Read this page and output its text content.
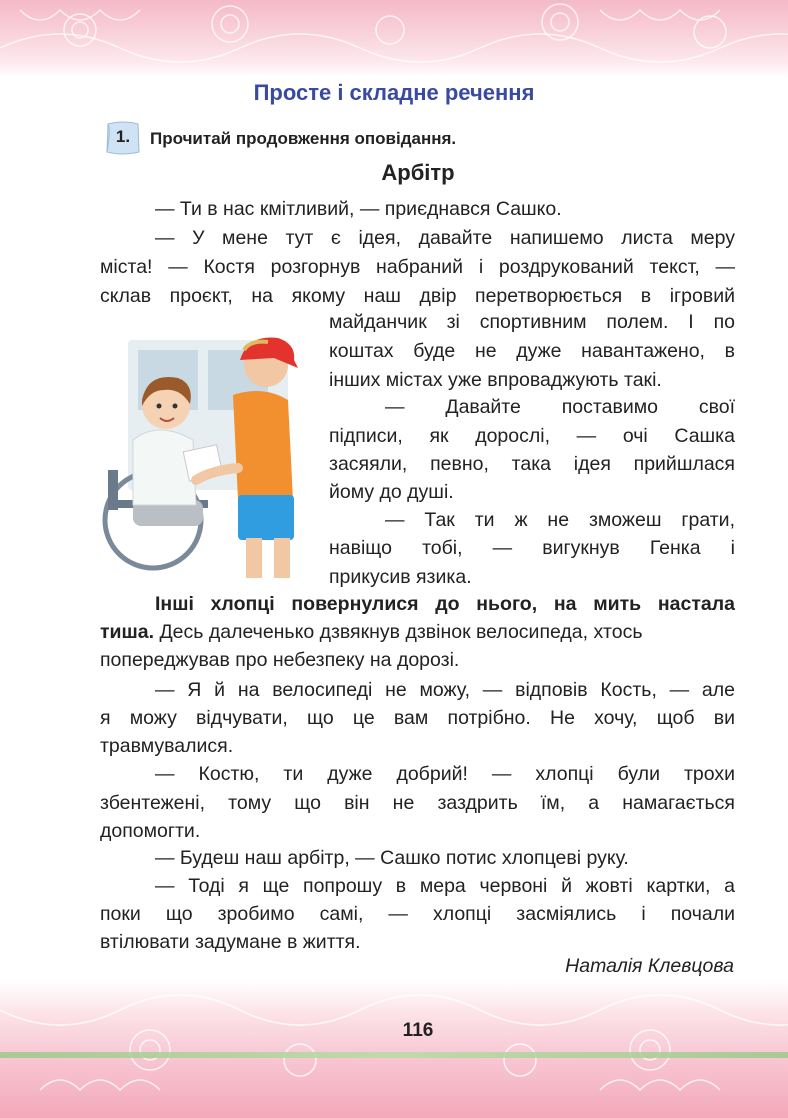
Просте і складне речення
1.	Прочитай продовження оповідання.
Арбітр
— Ти в нас кмітливий, — приєднався Сашко.
— У мене тут є ідея, давайте напишемо листа меру
міста! — Костя розгорнув набраний і роздрукований текст, —
склав проєкт, на якому наш двір перетворюється в ігровий
майданчик зі спортивним полем. І по
коштах буде не дуже навантажено, в
інших містах уже впроваджують такі.
— Давайте поставимо свої
підписи, як дорослі, — очі Сашка
засяяли, певно, така ідея прийшлася
йому до душі.
— Так ти ж не зможеш грати,
навіщо тобі, — вигукнув Генка і
прикусив язика.
Інші хлопці повернулися до нього, на мить настала
тиша. Десь далеченько дзвякнув дзвінок велосипеда, хтось
попереджував про небезпеку на дорозі.
— Я й на велосипеді не можу, — відповів Кость, — але
я можу відчувати, що це вам потрібно. Не хочу, щоб ви
травмувалися.
— Костю, ти дуже добрий! — хлопці були трохи
збентежені, тому що він не заздрить їм, а намагається
допомогти.
— Будеш наш арбітр, — Сашко потис хлопцеві руку.
— Тоді я ще попрошу в мера червоні й жовті картки, а
поки що зробимо самі, — хлопці засміялись і почали
втілювати задумане в життя.
Наталія Клевцова
116
